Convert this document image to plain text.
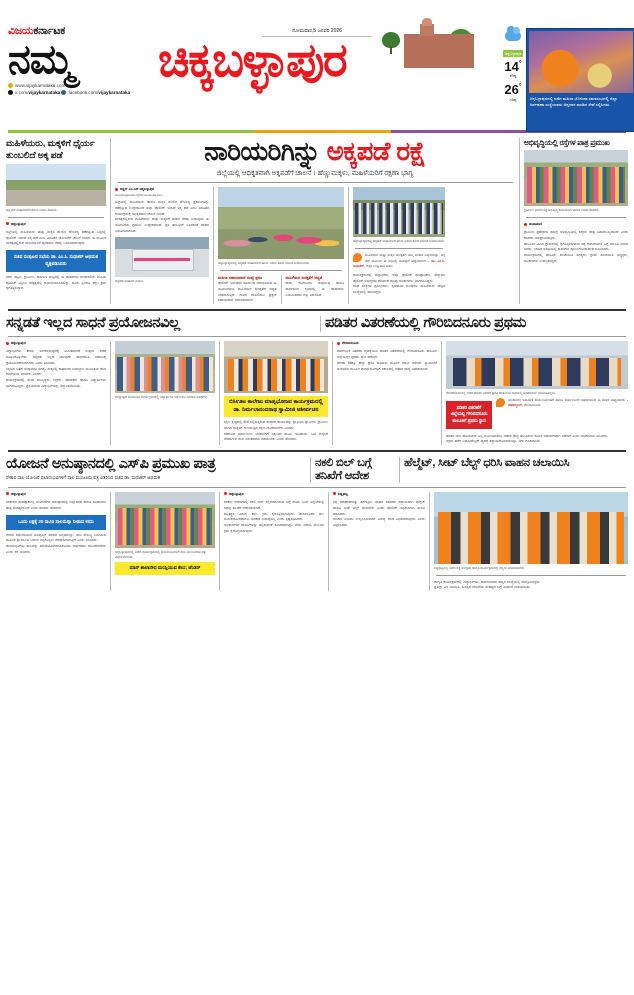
ವಿಜಯಕರ್ನಾಟಕ
ನಮ್ಮ
www.vijaykarnataka.com
x.com/vijaykarnataka facebook.com/vijaykarnataka
ಸೋಮವಾರ,5 ಜನವರಿ 2026
ಚಿಕ್ಕಬಳ್ಳಾಪುರ	ಚಿಕ್ಕಬಳ್ಳಾಪುರ
14°
ಕನಿಷ್ಠ
26°
ಗರಿಷ್ಠ	ಚಿಕ್ಕಬಳ್ಳಾಪುರದಲ್ಲಿ ನಡೆದ ಮಹಿಳಾ ಭೋಜನಾ ಸಮಾರಂಭದಲ್ಲಿ ಜಿಲ್ಲಾ ನಿರ್ವಹಣಾ ಸಂಸ್ಥೆಯವರು ಅನ್ನದಾನ ಮಾಡಿದ ಸೇವೆ ಸಲ್ಲಿಸಿದರು.
ಮಹಿಳೆಯರು, ಮಕ್ಕಳಿಗೆ ಧೈರ್ಯ ತುಂಬಲಿದೆ ಅಕ್ಕ ಪಡೆ
ಅಕ್ಕ ಪಡೆ ವಾಹನಗಳಿಗೆ ಚಾಲನೆ ನೀಡಿದ ಸಚಿವರು.
ಚಿಕ್ಕಬಳ್ಳಾಪುರ
ಜಿಲ್ಲೆಯಲ್ಲಿ ಮಹಿಳೆಯರು ಮತ್ತು ಮಕ್ಕಳ ಮೇಲಿನ ದೌರ್ಜನ್ಯ ತಡೆಗಟ್ಟುವ ನಿಟ್ಟಿನಲ್ಲಿ ಪೊಲೀಸ್ ಇಲಾಖೆ ಅಕ್ಕ ಪಡೆ ಎಂಬ ವಿನೂತನ ಯೋಜನೆಗೆ ಚಾಲನೆ ನೀಡಿದೆ. ಈ ಮೂಲಕ ಸಂಕಷ್ಟದಲ್ಲಿರುವ ಮಹಿಳೆಯರಿಗೆ ತ್ವರಿತವಾಗಿ ನೆರವು ಒದಗಿಸಲಾಗುವುದು.
ಸಚಿವ ಸಂಪುಟದ ಸಭೆಯ ಡಾ. ಎಂ.ಸಿ. ಸುಧಾಕರ್ ಅಭಿಮತ ವ್ಯಕ್ತಪಡಿಸಿದರು
ನಗರ, ಪಟ್ಟಣ, ಗ್ರಾಮೀಣ, ಹೋಬಳಿ ಮಟ್ಟದಲ್ಲಿ ಈ ವಾಹನಗಳು ಸಂಚರಿಸಲಿವೆ. ಮಹಿಳಾ ಪೊಲೀಸ್ ಸಿಬ್ಬಂದಿ ನೇತೃತ್ವದಲ್ಲಿ ಕಾರ್ಯನಿರ್ವಹಿಸಲಿದ್ದು, ದೂರು ಸ್ವೀಕರಿಸಿ ತಕ್ಷಣ ಕ್ರಮ ಕೈಗೊಳ್ಳಲಿದ್ದಾರೆ.
ನಾರಿಯರಿಗಿನ್ನು ಅಕ್ಕಪಡೆ ರಕ್ಷೆ
ಜಿಲ್ಲೆಯಲ್ಲಿ ಆಧಿಕೃತವಾಗಿ ಅಕ್ಕಪಡೆಗೆ ಚಾಲನೆ । ಹೆಣ್ಣುಮಕ್ಕಳು, ಮಹಿಳೆಯರಿಗೆ ರಕ್ಷಣಾ ಭಾಗ್ಯ
ಕಣ್ಣನ್ ಎಂ.ಎಸ್ ಚಿಕ್ಕಬಳ್ಳಾಪುರ
chandragowda.c@timesofindia.com
ಜಿಲ್ಲೆಯಲ್ಲಿ ಮಹಿಳೆಯರು ಹಾಗೂ ಮಕ್ಕಳ ಮೇಲಿನ ದೌರ್ಜನ್ಯ ಪ್ರಕರಣಗಳನ್ನು ತಡೆಗಟ್ಟುವ ಉದ್ದೇಶದಿಂದ ಜಿಲ್ಲಾ ಪೊಲೀಸ್ ಇಲಾಖೆ ಅಕ್ಕ ಪಡೆ ಎಂಬ ವಿನೂತನ ಕಾರ್ಯಕ್ರಮಕ್ಕೆ ಅಧಿಕೃತವಾಗಿ ಚಾಲನೆ ನೀಡಿದೆ.
ಸಂಕಷ್ಟದಲ್ಲಿರುವ ಮಹಿಳೆಯರು ಮತ್ತು ಮಕ್ಕಳಿಗೆ ತುರ್ತು ನೆರವು ನೀಡುವುದು ಈ ಯೋಜನೆಯ ಪ್ರಮುಖ ಉದ್ದೇಶವಾಗಿದೆ. ಪ್ರತಿ ತಾಲೂಕಿಗೆ ಒಂದರಂತೆ ವಾಹನ ನಿಯೋಜಿಸಲಾಗಿದೆ.
ಅಕ್ಕಪಡೆ ವಾಹನದ ನೋಟ.
ಚಿಕ್ಕಬಳ್ಳಾಪುರದಲ್ಲಿ ಅಕ್ಕಪಡೆ ವಾಹನಗಳಿಗೆ ಹಸಿರು ನಿಶಾನೆ ತೋರಿ ಚಾಲನೆ ನೀಡಲಾಯಿತು.
ಮಹಿಳಾ ಸಹಾಯವಾಣಿ ಸಂಖ್ಯೆ ಪ್ರಕಟ
ಪೊಲೀಸ್ ಇಲಾಖೆಯ ವತಿಯಿಂದ ಆರಂಭಿಸಿರುವ ಈ ಯೋಜನೆಯಡಿ ಮಹಿಳೆಯರ ಸುರಕ್ಷತೆಗೆ ಆದ್ಯತೆ ನೀಡಲಾಗುತ್ತಿದೆ. ದೂರು ದಾಖಲಿಸಲು ಪ್ರತ್ಯೇಕ ಸಹಾಯವಾಣಿ ಆರಂಭಿಸಲಾಗಿದೆ.
ಮಹಿಳೆಯರ ಸುರಕ್ಷತೆಗೆ ಆದ್ಯತೆ
ಶಾಲಾ ಕಾಲೇಜುಗಳ ಸುತ್ತಮುತ್ತ ಹಾಗೂ ಸಾರ್ವಜನಿಕ ಸ್ಥಳಗಳಲ್ಲಿ ಈ ವಾಹನಗಳು ನಿಯಮಿತವಾಗಿ ಗಸ್ತು ತಿರುಗಲಿವೆ.
ಚಿಕ್ಕಬಳ್ಳಾಪುರದಲ್ಲಿ ಅಕ್ಕಪಡೆ ವಾಹನಗಳಿಗೆ ಹಸಿರು ನಿಶಾನೆ ತೋರಿ ಚಾಲನೆ ನೀಡಲಾಯಿತು.
ಮಹಿಳೆಯರ ಮತ್ತು ಮಕ್ಕಳ ಸುರಕ್ಷತೆಗೆ ನಮ್ಮ ಸರಕಾರ ಬದ್ಧವಾಗಿದ್ದು, ಅಕ್ಕ ಪಡೆ ಯೋಜನೆ ಈ ನಿಟ್ಟಿನಲ್ಲಿ ಮಹತ್ವದ ಹೆಜ್ಜೆಯಾಗಿದೆ. - ಡಾ. ಎಂ.ಸಿ. ಸುಧಾಕರ್, ಜಿಲ್ಲಾ ಉಸ್ತುವಾರಿ ಸಚಿವ
ಕಾರ್ಯಕ್ರಮದಲ್ಲಿ ಜಿಲ್ಲಾಧಿಕಾರಿ, ಜಿಲ್ಲಾ ಪೊಲೀಸ್ ವರಿಷ್ಠಾಧಿಕಾರಿ, ಹೆಚ್ಚುವರಿ ಪೊಲೀಸ್ ಅಧೀಕ್ಷಕರು ಸೇರಿದಂತೆ ಹಲವು ಅಧಿಕಾರಿಗಳು ಭಾಗವಹಿಸಿದ್ದರು.
ಸಂಘ ಸಂಸ್ಥೆಗಳ ಪ್ರತಿನಿಧಿಗಳು, ಸ್ವಸಹಾಯ ಗುಂಪುಗಳ ಮಹಿಳೆಯರು ಹೆಚ್ಚಿನ ಸಂಖ್ಯೆಯಲ್ಲಿ ಹಾಜರಿದ್ದರು.
ಅಭಿವೃದ್ಧಿಯಲ್ಲಿ ರಸ್ತೆಗಳ ಪಾತ್ರ ಪ್ರಮುಖ
ಗ್ರಾಮೀಣ ಭಾಗದ ರಸ್ತೆ ಅಭಿವೃದ್ಧಿ ಕಾಮಗಾರಿಗೆ ಚಾಲನೆ ನೀಡಿದ ಶಾಸಕರು.
ಚಿಂತಾಮಣಿ
ಗ್ರಾಮೀಣ ಪ್ರದೇಶಗಳ ಸಮಗ್ರ ಅಭಿವೃದ್ಧಿಯಲ್ಲಿ ರಸ್ತೆಗಳ ಪಾತ್ರ ಬಹುಮುಖ್ಯವಾಗಿದೆ ಎಂದು ಶಾಸಕರು ಅಭಿಪ್ರಾಯಪಟ್ಟರು.
ತಾಲೂಕಿನ ವಿವಿಧ ಗ್ರಾಮಗಳಲ್ಲಿ ಕೈಗೊಳ್ಳಲಾಗಿರುವ ರಸ್ತೆ ಕಾಮಗಾರಿಗಳ ಬಗ್ಗೆ ಮಾಹಿತಿ ನೀಡಿದ ಅವರು, ನಿಗದಿತ ಅವಧಿಯಲ್ಲಿ ಕಾಮಗಾರಿ ಪೂರ್ಣಗೊಳಿಸುವಂತೆ ಸೂಚಿಸಿದರು.
ಕಾರ್ಯಕ್ರಮದಲ್ಲಿ ತಾಲೂಕು ಪಂಚಾಯಿತಿ ಸದಸ್ಯರು, ಗ್ರಾಮ ಪಂಚಾಯಿತಿ ಅಧ್ಯಕ್ಷರು, ಅಧಿಕಾರಿಗಳು ಉಪಸ್ಥಿತರಿದ್ದರು.
ಸನ್ನಡತೆ ಇಲ್ಲದ ಸಾಧನೆ ಪ್ರಯೋಜನವಿಲ್ಲ	ಪಡಿತರ ವಿತರಣೆಯಲ್ಲಿ ಗೌರಿಬಿದನೂರು ಪ್ರಥಮ
ಚಿಕ್ಕಬಳ್ಳಾಪುರ
ವಿದ್ಯಾರ್ಥಿಗಳು ಕೇವಲ ಅಂಕಗಳಿಸುವುದಕ್ಕೆ ಸೀಮಿತವಾಗದೆ ಉತ್ತಮ ನಡತೆ ರೂಢಿಸಿಕೊಳ್ಳಬೇಕು. ಸನ್ನಡತೆ ಇಲ್ಲದ ಯಾವುದೇ ಸಾಧನೆಯೂ ಸಮಾಜಕ್ಕೆ ಪ್ರಯೋಜನಕಾರಿಯಾಗದು ಎಂದು ತಿಳಿಸಿದರು.
ಶಿಕ್ಷಣದ ಜತೆಗೆ ಸಂಸ್ಕಾರವೂ ಅಗತ್ಯ. ಮಕ್ಕಳಲ್ಲಿ ಸಾಮಾಜಿಕ ಜವಾಬ್ದಾರಿ ಮೂಡಿಸುವ ಕೆಲಸ ಶಾಲೆಗಳಿಂದ ಆಗಬೇಕು ಎಂದರು.
ಕಾರ್ಯಕ್ರಮದಲ್ಲಿ ಶಾಲಾ ಮುಖ್ಯಸ್ಥರು, ಶಿಕ್ಷಕರು, ಪೋಷಕರು ಹಾಗೂ ವಿದ್ಯಾರ್ಥಿಗಳು ಭಾಗವಹಿಸಿದ್ದರು. ಪ್ರತಿಭಾವಂತ ವಿದ್ಯಾರ್ಥಿಗಳನ್ನು ಸನ್ಮಾನಿಸಲಾಯಿತು.
ಮಧ್ಯಾಹ್ನದ ಬಿಸಿಯೂಟ ಕಾರ್ಯಕ್ರಮದಲ್ಲಿ ವಿದ್ಯಾರ್ಥಿಗಳ ಜತೆ ಊಟ ಮಾಡಿದ ಅತಿಥಿಗಳು.
ಬಿಸಿಊಟ ಕಾಲೇಜು ಮಾತೃಭೋಜನ ಕಾರ್ಯಕ್ರಮದಲ್ಲಿ ಡಾ. ನಿರ್ಮಲಾನಂದನಾಥ ಸ್ವಾಮೀಜಿ ಆಶೀರ್ವಚನ
ಶಿಕ್ಷಣ ಕ್ಷೇತ್ರದಲ್ಲಿ ಸೇವೆ ಸಲ್ಲಿಸುತ್ತಿರುವ ಸಂಸ್ಥೆಗಳ ಕಾರ್ಯವನ್ನು ಶ್ಲಾಘಿಸಿದ ಸ್ವಾಮೀಜಿ, ಗ್ರಾಮೀಣ ಭಾಗದ ಮಕ್ಕಳಿಗೆ ಗುಣಮಟ್ಟದ ಶಿಕ್ಷಣ ದೊರೆಯಬೇಕು ಎಂದರು.
ಸಮಾಜದ ಸರ್ವಾಂಗೀಣ ಬೆಳವಣಿಗೆಗೆ ಶಿಕ್ಷಣವೇ ಮೂಲ ಅಡಿಪಾಯ. ಬಡ ಮಕ್ಕಳಿಗೆ ನೆರವಾಗುವ ಕೆಲಸ ನಿರಂತರವಾಗಿ ನಡೆಯಬೇಕು ಎಂದು ಹೇಳಿದರು.
ಗೌರಿಬಿದನೂರು
ಸಾರ್ವಜನಿಕ ವಿತರಣಾ ವ್ಯವಸ್ಥೆಯಡಿ ಪಡಿತರ ವಿತರಣೆಯಲ್ಲಿ ಗೌರಿಬಿದನೂರು ತಾಲೂಕು ಜಿಲ್ಲೆಯಲ್ಲೇ ಪ್ರಥಮ ಸ್ಥಾನ ಪಡೆದಿದೆ.
ಶೇಕಡಾ 98ಕ್ಕೂ ಹೆಚ್ಚು ಪ್ರಗತಿ ಸಾಧಿಸುವ ಮೂಲಕ ಗಮನ ಸೆಳೆದಿದೆ. ನ್ಯಾಯಬೆಲೆ ಅಂಗಡಿಗಳ ಮೂಲಕ ಫಲಾನುಭವಿಗಳಿಗೆ ಸಕಾಲದಲ್ಲಿ ಆಹಾರ ಧಾನ್ಯ ವಿತರಿಸಲಾಗಿದೆ.
ಗೌರಿಬಿದನೂರಿನಲ್ಲಿ ನಡೆದ ಪಡಿತರ ವಿತರಣೆ ಪ್ರಗತಿ ಪರಿಶೀಲನಾ ಸಭೆಯಲ್ಲಿ ಅಧಿಕಾರಿಗಳು ಭಾಗವಹಿಸಿದ್ದರು.
ಪಡಿತರ ವಿತರಣೆಗೆ ಜಿಲ್ಲೆಯಲ್ಲಿ ಗೌರಿಬಿದನೂರು ತಾಲೂಕಿಗೆ ಪ್ರಥಮ ಸ್ಥಾನ
ಅಧಿಕಾರಿಗಳ ಸಮರ್ಪಕ ಕಾರ್ಯನಿರ್ವಹಣೆ ಹಾಗೂ ಸಾರ್ವಜನಿಕರ ಸಹಕಾರದಿಂದ ಈ ಸಾಧನೆ ಸಾಧ್ಯವಾಗಿದೆ. - ತಹಶೀಲ್ದಾರ್, ಗೌರಿಬಿದನೂರು
ಪಡಿತರ ಚೀಟಿ ಹೊಂದಿರುವ ಎಲ್ಲ ಕುಟುಂಬಗಳಿಗೂ ಆಹಾರ ಧಾನ್ಯ ತಲುಪಿಸುವ ಕಾರ್ಯ ಸಮರ್ಪಕವಾಗಿ ನಡೆದಿದೆ ಎಂದು ಅಧಿಕಾರಿಗಳು ತಿಳಿಸಿದರು.
ಅಕ್ರಮ ತಡೆಗೆ ಬಯೋಮೆಟ್ರಿಕ್ ವ್ಯವಸ್ಥೆ ಕಡ್ಡಾಯಗೊಳಿಸಲಾಗಿದ್ದು, ನಿಗಾ ವಹಿಸಲಾಗಿದೆ.
ಯೋಜನೆ ಅನುಷ್ಠಾನದಲ್ಲಿ ಎಸ್‌ಪಿ ಪ್ರಮುಖ ಪಾತ್ರ
ನೇಕಾರ ಸಾಲ ಯೋಜನೆ ಫಲಾನುಭವಿಗಳಿಗೆ ಸಾಲ ಮಂಜೂರು ಪತ್ರ ವಿತರಿಸಿದ ಸಚಿವ ಡಾ. ಸುಧಾಕರ್ ಅಭಿಮತ
ನಕಲಿ ಬಿಲ್ ಬಗ್ಗೆ ತನಿಖೆಗೆ ಆದೇಶ
ಹೆಲ್ಮೆಟ್, ಸೀಟ್ ಬೆಲ್ಟ್ ಧರಿಸಿ ವಾಹನ ಚಲಾಯಿಸಿ
ಚಿಕ್ಕಬಳ್ಳಾಪುರ
ಸರಕಾರದ ಮಹತ್ವಾಕಾಂಕ್ಷಿ ಯೋಜನೆಗಳ ಅನುಷ್ಠಾನದಲ್ಲಿ ಜಿಲ್ಲಾಡಳಿತ ಹಾಗೂ ಅಧಿಕಾರಿಗಳ ಪಾತ್ರ ಮಹತ್ವದ್ದಾಗಿದೆ ಎಂದು ಸಚಿವರು ಹೇಳಿದರು.
ಒಂದು ಲಕ್ಷಕ್ಕೆ 20 ಸಾವಿರ ಸಾಲಮನ್ನಾ ನೀಡುವ ಕನಸು
ನೇಕಾರ ಸಮುದಾಯದ ಅಭಿವೃದ್ಧಿಗೆ ಸರಕಾರ ಬದ್ಧವಾಗಿದ್ದು, ಸಾಲ ಸೌಲಭ್ಯ ಒದಗಿಸುವ ಮೂಲಕ ಸ್ವಾವಲಂಬಿ ಬದುಕು ಕಟ್ಟಿಕೊಳ್ಳಲು ನೆರವಾಗಲಾಗುತ್ತಿದೆ ಎಂದು ತಿಳಿಸಿದರು.
ಫಲಾನುಭವಿಗಳು ಸಾಲವನ್ನು ಸದುಪಯೋಗಪಡಿಸಿಕೊಂಡು ಆರ್ಥಿಕವಾಗಿ ಸಬಲರಾಗಬೇಕು ಎಂದು ಕರೆ ನೀಡಿದರು.	ಚಿಕ್ಕಬಳ್ಳಾಪುರದಲ್ಲಿ ನಡೆದ ಕಾರ್ಯಕ್ರಮದಲ್ಲಿ ಫಲಾನುಭವಿಗಳಿಗೆ ಸಾಲ ಮಂಜೂರಾತಿ ಪತ್ರ ವಿತರಿಸಲಾಯಿತು.
ಮಾಸ್ ಶಾಲಾಸೌಧ ದುರಸ್ತಿಯುವ ಕೆಲಸ; ಟೆಂಡರ್
ಚಿಕ್ಕಬಳ್ಳಾಪುರ
ಸರಕಾರಿ ಕಚೇರಿಗಳಲ್ಲಿ ನಕಲಿ ಬಿಲ್ ಸಲ್ಲಿಕೆಯಾಗಿರುವ ಬಗ್ಗೆ ದೂರು ಬಂದ ಹಿನ್ನೆಲೆಯಲ್ಲಿ ಸಮಗ್ರ ತನಿಖೆಗೆ ಆದೇಶಿಸಲಾಗಿದೆ.
ತಪ್ಪಿತಸ್ಥರ ವಿರುದ್ಧ ಕಠಿಣ ಕ್ರಮ ಕೈಗೊಳ್ಳಲಾಗುವುದು. ಸಾರ್ವಜನಿಕರ ಹಣ ದುರುಪಯೋಗವಾಗಲು ಅವಕಾಶ ನೀಡುವುದಿಲ್ಲ ಎಂದು ಸ್ಪಷ್ಟಪಡಿಸಿದರು.
ಅಧಿಕಾರಿಗಳಿಗೆ ದಾಖಲೆಗಳನ್ನು ಸಲ್ಲಿಸುವಂತೆ ಸೂಚಿಸಲಾಗಿದ್ದು, ವರದಿ ಆಧರಿಸಿ ಮುಂದಿನ ಕ್ರಮ ಕೈಗೊಳ್ಳಲಾಗುವುದು.
ಶಿಡ್ಲಘಟ್ಟ
ರಸ್ತೆ ಅಪಘಾತಗಳನ್ನು ತಡೆಗಟ್ಟಲು ವಾಹನ ಸವಾರರು ಕಡ್ಡಾಯವಾಗಿ ಹೆಲ್ಮೆಟ್ ಹಾಗೂ ಸೀಟ್ ಬೆಲ್ಟ್ ಧರಿಸಬೇಕು ಎಂದು ಪೊಲೀಸ್ ಅಧಿಕಾರಿಗಳು ಮನವಿ ಮಾಡಿದರು.
ಸಂಚಾರಿ ನಿಯಮ ಉಲ್ಲಂಘಿಸುವವರ ವಿರುದ್ಧ ದಂಡ ವಿಧಿಸಲಾಗುವುದು ಎಂದು ಎಚ್ಚರಿಸಿದರು.
ಶಿಡ್ಲಘಟ್ಟದಲ್ಲಿ ನಡೆದ ರಸ್ತೆ ಸುರಕ್ಷತಾ ಜಾಗೃತಿ ಕಾರ್ಯಕ್ರಮದಲ್ಲಿ ಗಣ್ಯರು ಮಾತನಾಡಿದರು.
ಜಾಗೃತಿ ಕಾರ್ಯಕ್ರಮದಲ್ಲಿ ವಿದ್ಯಾರ್ಥಿಗಳು, ಸಾರ್ವಜನಿಕರು ಹೆಚ್ಚಿನ ಸಂಖ್ಯೆಯಲ್ಲಿ ಪಾಲ್ಗೊಂಡಿದ್ದರು.
ಪ್ರತಿಜ್ಞಾ ವಿಧಿ ಬೋಧಿಸಿ, ಸುರಕ್ಷಿತ ಚಾಲನೆಯ ಮಹತ್ವದ ಬಗ್ಗೆ ತಿಳಿವಳಿಕೆ ನೀಡಲಾಯಿತು.
